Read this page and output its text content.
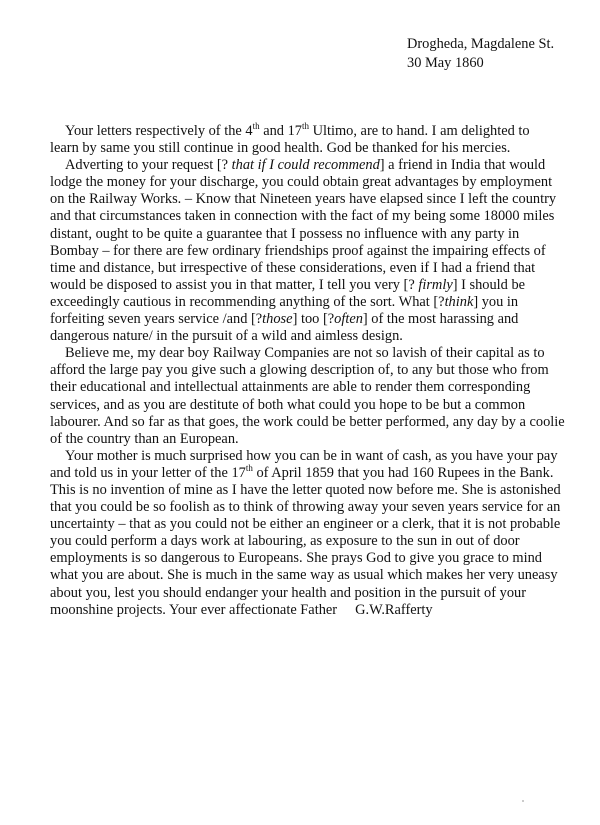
Drogheda, Magdalene St.
30 May 1860
Your letters respectively of the 4th and 17th Ultimo, are to hand. I am delighted to
learn by same you still continue in good health. God be thanked for his mercies.
Adverting to your request [? that if I could recommend] a friend in India that would
lodge the money for your discharge, you could obtain great advantages by employment
on the Railway Works. – Know that Nineteen years have elapsed since I left the country
and that circumstances taken in connection with the fact of my being some 18000 miles
distant, ought to be quite a guarantee that I possess no influence with any party in
Bombay – for there are few ordinary friendships proof against the impairing effects of
time and distance, but irrespective of these considerations, even if I had a friend that
would be disposed to assist you in that matter, I tell you very [? firmly] I should be
exceedingly cautious in recommending anything of the sort. What [?think] you in
forfeiting seven years service /and [?those] too [?often] of the most harassing and
dangerous nature/ in the pursuit of a wild and aimless design.
Believe me, my dear boy Railway Companies are not so lavish of their capital as to
afford the large pay you give such a glowing description of, to any but those who from
their educational and intellectual attainments are able to render them corresponding
services, and as you are destitute of both what could you hope to be but a common
labourer. And so far as that goes, the work could be better performed, any day by a coolie
of the country than an European.
Your mother is much surprised how you can be in want of cash, as you have your pay
and told us in your letter of the 17th of April 1859 that you had 160 Rupees in the Bank.
This is no invention of mine as I have the letter quoted now before me. She is astonished
that you could be so foolish as to think of throwing away your seven years service for an
uncertainty – that as you could not be either an engineer or a clerk, that it is not probable
you could perform a days work at labouring, as exposure to the sun in out of door
employments is so dangerous to Europeans. She prays God to give you grace to mind
what you are about. She is much in the same way as usual which makes her very uneasy
about you, lest you should endanger your health and position in the pursuit of your
moonshine projects. Your ever affectionate Father G.W.Rafferty
